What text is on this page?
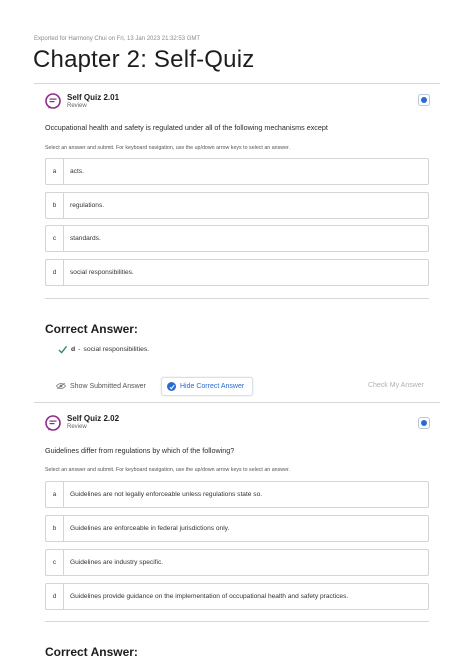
Exported for Harmony Chui on Fri, 13 Jan 2023 21:32:53 GMT
Chapter 2: Self-Quiz
Self Quiz 2.01
Review
Occupational health and safety is regulated under all of the following mechanisms except
Select an answer and submit. For keyboard navigation, use the up/down arrow keys to select an answer.
a	acts.
b	regulations.
c	standards.
d	social responsibilities.
Correct Answer:
d - social responsibilities.
Show Submitted Answer	Hide Correct Answer	Check My Answer
Self Quiz 2.02
Review
Guidelines differ from regulations by which of the following?
Select an answer and submit. For keyboard navigation, use the up/down arrow keys to select an answer.
a	Guidelines are not legally enforceable unless regulations state so.
b	Guidelines are enforceable in federal jurisdictions only.
c	Guidelines are industry specific.
d	Guidelines provide guidance on the implementation of occupational health and safety practices.
Correct Answer:
